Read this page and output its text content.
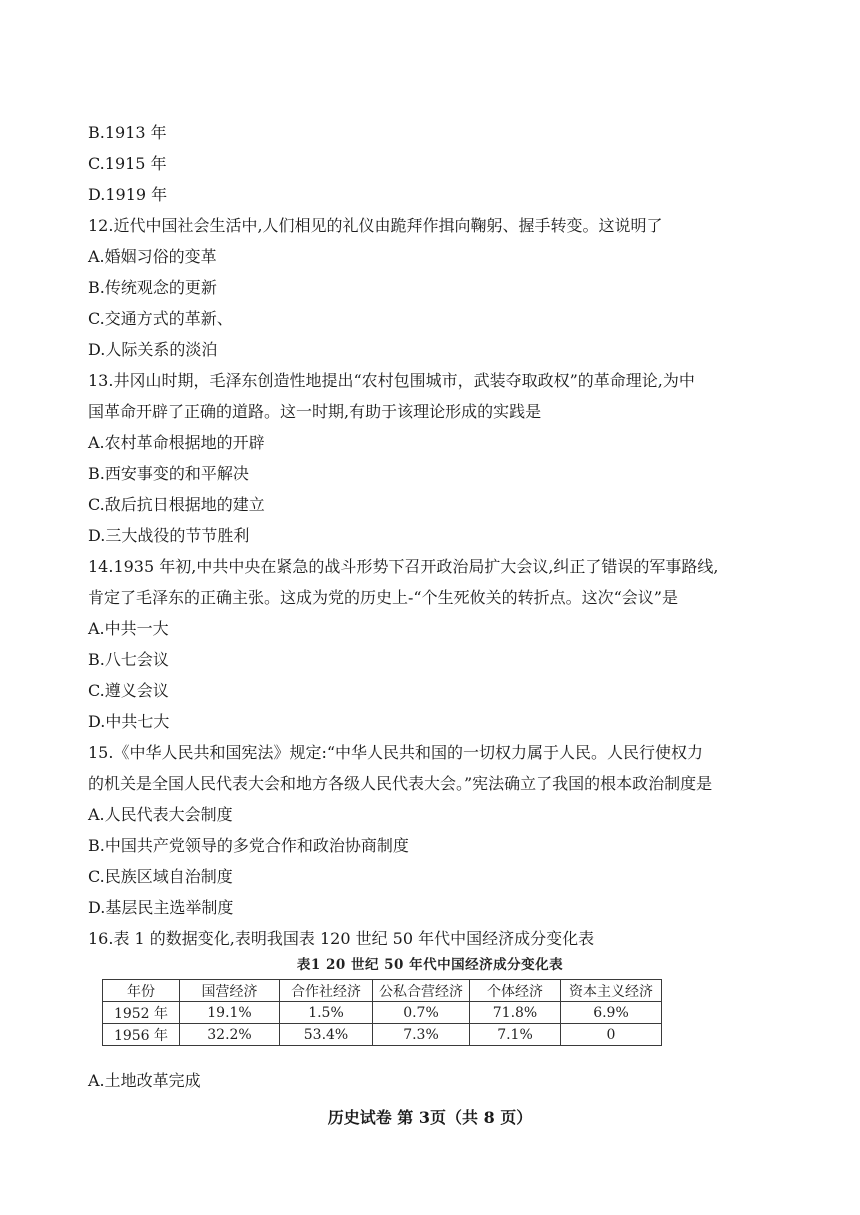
B.1913 年
C.1915 年
D.1919 年
12.近代中国社会生活中,人们相见的礼仪由跪拜作揖向鞠躬、握手转变。这说明了
A.婚姻习俗的变革
B.传统观念的更新
C.交通方式的革新、
D.人际关系的淡泊
13.井冈山时期，毛泽东创造性地提出“农村包围城市，武装夺取政权”的革命理论,为中
国革命开辟了正确的道路。这一时期,有助于该理论形成的实践是
A.农村革命根据地的开辟
B.西安事变的和平解决
C.敌后抗日根据地的建立
D.三大战役的节节胜利
14.1935 年初,中共中央在紧急的战斗形势下召开政治局扩大会议,纠正了错误的军事路线,
肯定了毛泽东的正确主张。这成为党的历史上-“个生死攸关的转折点。这次“会议”是
A.中共一大
B.八七会议
C.遵义会议
D.中共七大
15.《中华人民共和国宪法》规定:“中华人民共和国的一切权力属于人民。人民行使权力
的机关是全国人民代表大会和地方各级人民代表大会。”宪法确立了我国的根本政治制度是
A.人民代表大会制度
B.中国共产党领导的多党合作和政治协商制度
C.民族区域自治制度
D.基层民主选举制度
16.表 1 的数据变化,表明我国表 120 世纪 50 年代中国经济成分变化表
表1 20 世纪 50 年代中国经济成分变化表
年份	国营经济	合作社经济	公私合营经济	个体经济	资本主义经济
1952 年	19.1%	1.5%	0.7%	71.8%	6.9%
1956 年	32.2%	53.4%	7.3%	7.1%	0
A.土地改革完成
历史试卷 第 3页（共 8 页）
